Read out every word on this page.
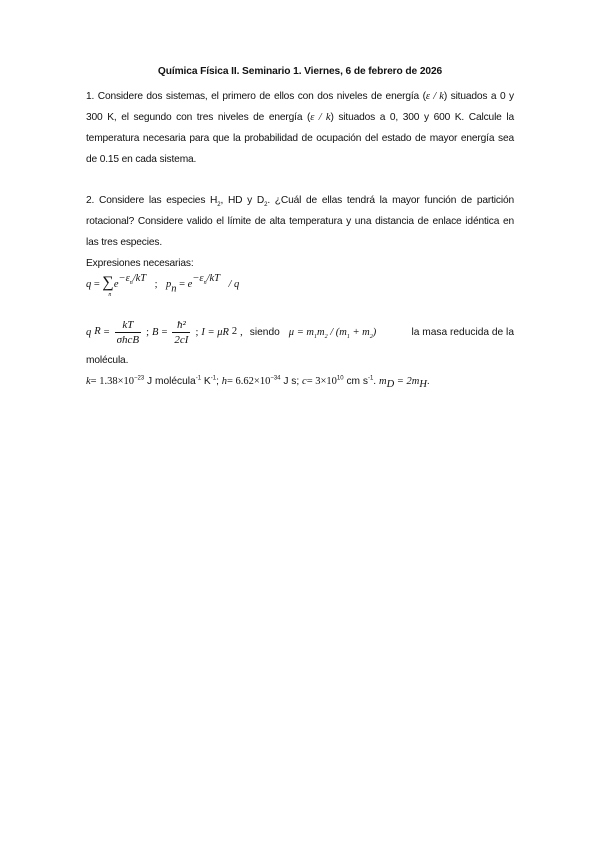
Química Física II. Seminario 1. Viernes, 6 de febrero de 2026

1. Considere dos sistemas, el primero de ellos con dos niveles de energía (ε / k) situados a 0 y 300 K, el segundo con tres niveles de energía (ε / k) situados a 0, 300 y 600 K. Calcule la temperatura necesaria para que la probabilidad de ocupación del estado de mayor energía sea de 0.15 en cada sistema.

2. Considere las especies $H_2$, HD y $D_2$. ¿Cuál de ellas tendrá la mayor función de partición rotacional? Considere valido el límite de alta temperatura y una distancia de enlace idéntica en las tres especies.

Expresiones necesarias:

q = ∑
n
$e^{-\varepsilon_n/kT}$ ; $p_n = e^{-\varepsilon_n/kT} / q$
q $R = \frac{kT}{\text{σhcB}}$ ; $B = \frac{\text{ħ²}}{2cI}$ ; I = μR 2 , siendo $\mu = m_1m_2 / (m_1 + m_2)$	la masa reducida de la

molécula.

$k= 1.38\times 10^{-23}$ J molécula$^{-1}$ $K^{-1}$; $h= 6.62\times 10^{-34}$ J s; $c= 3\times 10^{10}$ cm $s^{-1}$. $m_D = 2m_H$.
